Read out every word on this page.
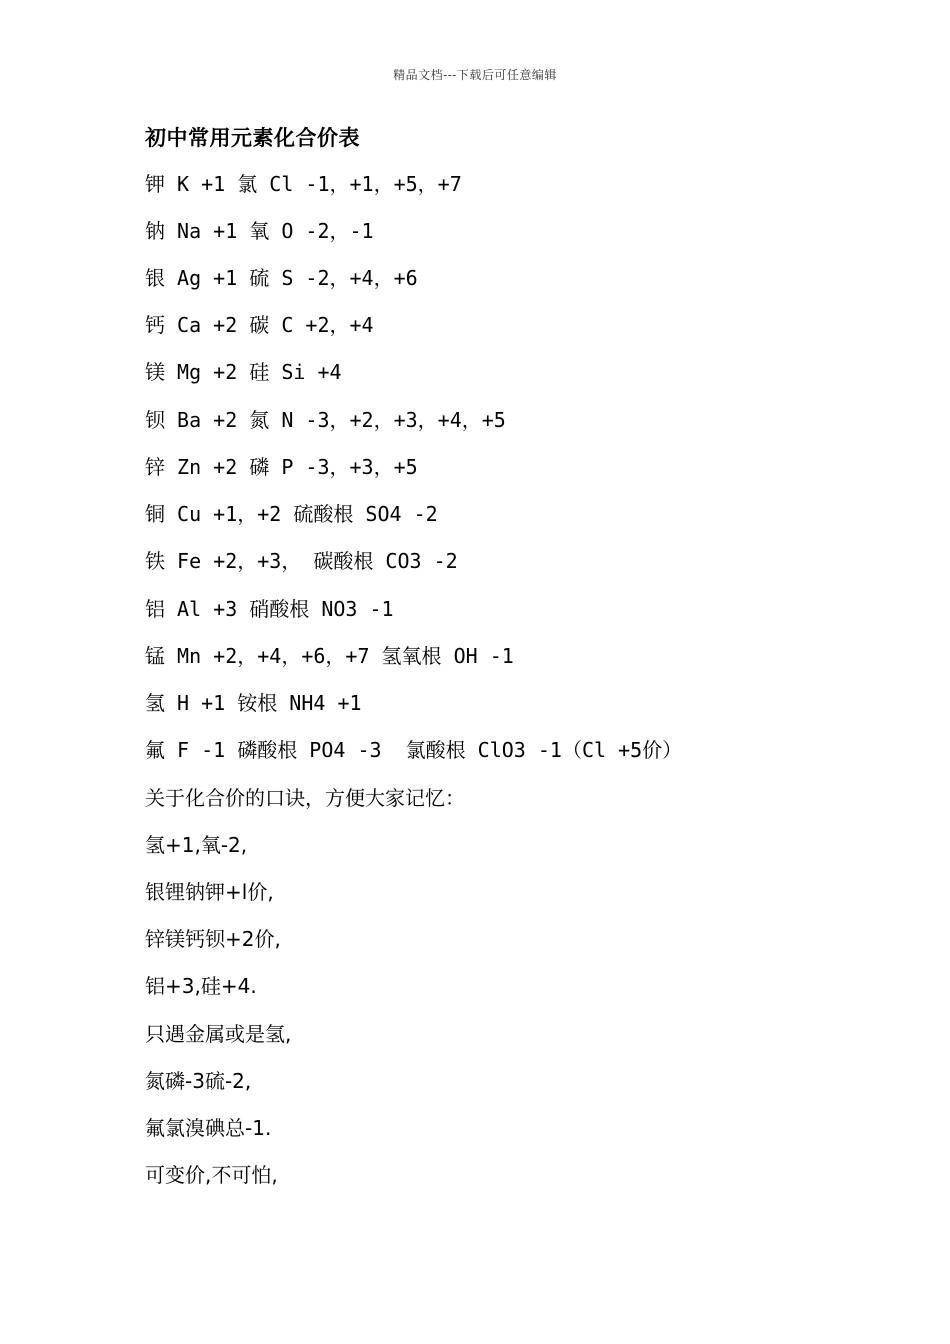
精品文档---下载后可任意编辑
初中常用元素化合价表
钾 K +1 氯 Cl -1，+1，+5，+7
钠 Na +1 氧 O -2，-1
银 Ag +1 硫 S -2，+4，+6
钙 Ca +2 碳 C +2，+4
镁 Mg +2 硅 Si +4
钡 Ba +2 氮 N -3，+2，+3，+4，+5
锌 Zn +2 磷 P -3，+3，+5
铜 Cu +1，+2 硫酸根 SO4 -2
铁 Fe +2，+3， 碳酸根 CO3 -2
铝 Al +3 硝酸根 NO3 -1
锰 Mn +2，+4，+6，+7 氢氧根 OH -1
氢 H +1 铵根 NH4 +1
氟 F -1 磷酸根 PO4 -3  氯酸根 ClO3 -1（Cl +5价）
关于化合价的口诀，方便大家记忆：
氢+1,氧-2,
银锂钠钾+l价,
锌镁钙钡+2价,
铝+3,硅+4.
只遇金属或是氢,
氮磷-3硫-2,
氟氯溴碘总-1.
可变价,不可怕,
